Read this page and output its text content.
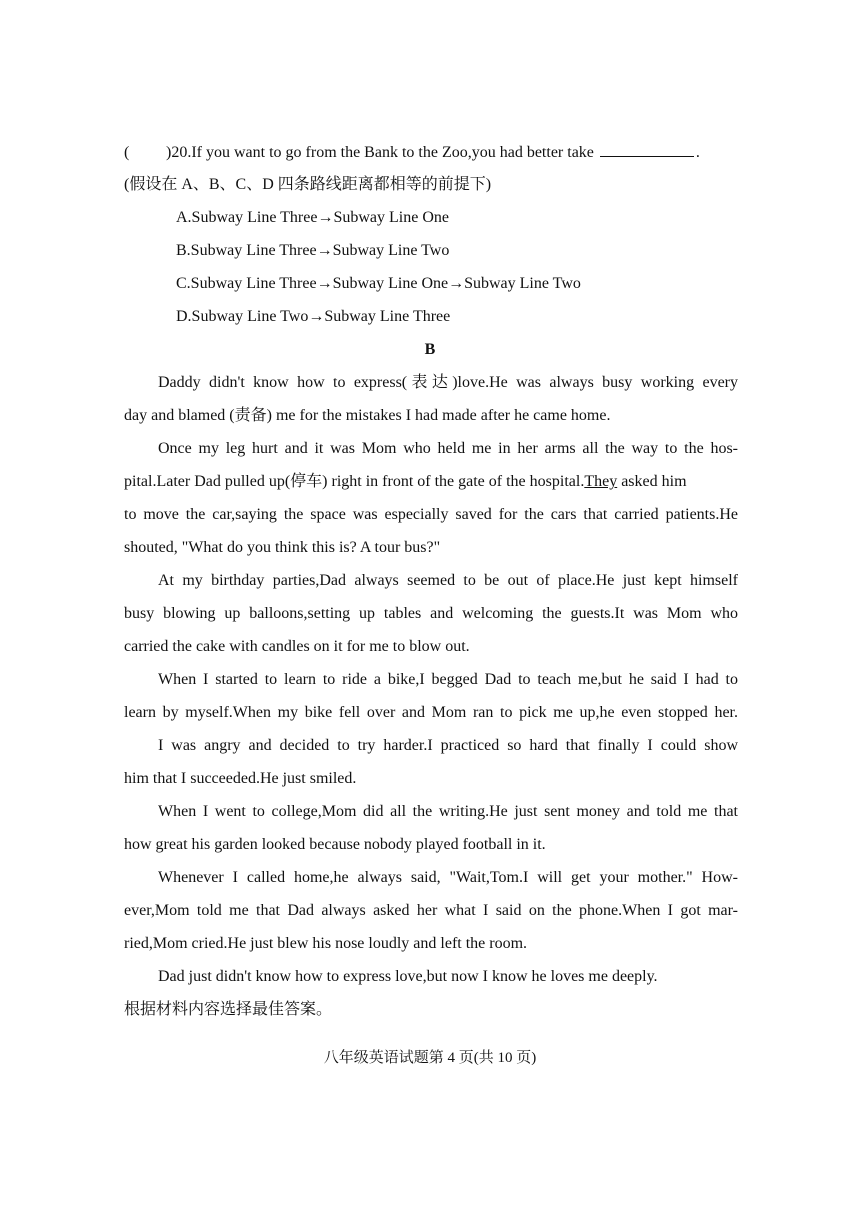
( )20.If you want to go from the Bank to the Zoo,you had better take	.
(假设在 A、B、C、D 四条路线距离都相等的前提下)
A.Subway Line Three→Subway Line One
B.Subway Line Three→Subway Line Two
C.Subway Line Three→Subway Line One→Subway Line Two
D.Subway Line Two→Subway Line Three
B
Daddy didn't know how to express(表达)love.He was always busy working every
day and blamed (责备) me for the mistakes I had made after he came home.
Once my leg hurt and it was Mom who held me in her arms all the way to the hos-
pital.Later Dad pulled up(停车) right in front of the gate of the hospital.They asked him
to move the car,saying the space was especially saved for the cars that carried patients.He
shouted, "What do you think this is? A tour bus?"
At my birthday parties,Dad always seemed to be out of place.He just kept himself
busy blowing up balloons,setting up tables and welcoming the guests.It was Mom who
carried the cake with candles on it for me to blow out.
When I started to learn to ride a bike,I begged Dad to teach me,but he said I had to
learn by myself.When my bike fell over and Mom ran to pick me up,he even stopped her.
I was angry and decided to try harder.I practiced so hard that finally I could show
him that I succeeded.He just smiled.
When I went to college,Mom did all the writing.He just sent money and told me that
how great his garden looked because nobody played football in it.
Whenever I called home,he always said, "Wait,Tom.I will get your mother." How-
ever,Mom told me that Dad always asked her what I said on the phone.When I got mar-
ried,Mom cried.He just blew his nose loudly and left the room.
Dad just didn't know how to express love,but now I know he loves me deeply.
根据材料内容选择最佳答案。
八年级英语试题第 4 页(共 10 页)
